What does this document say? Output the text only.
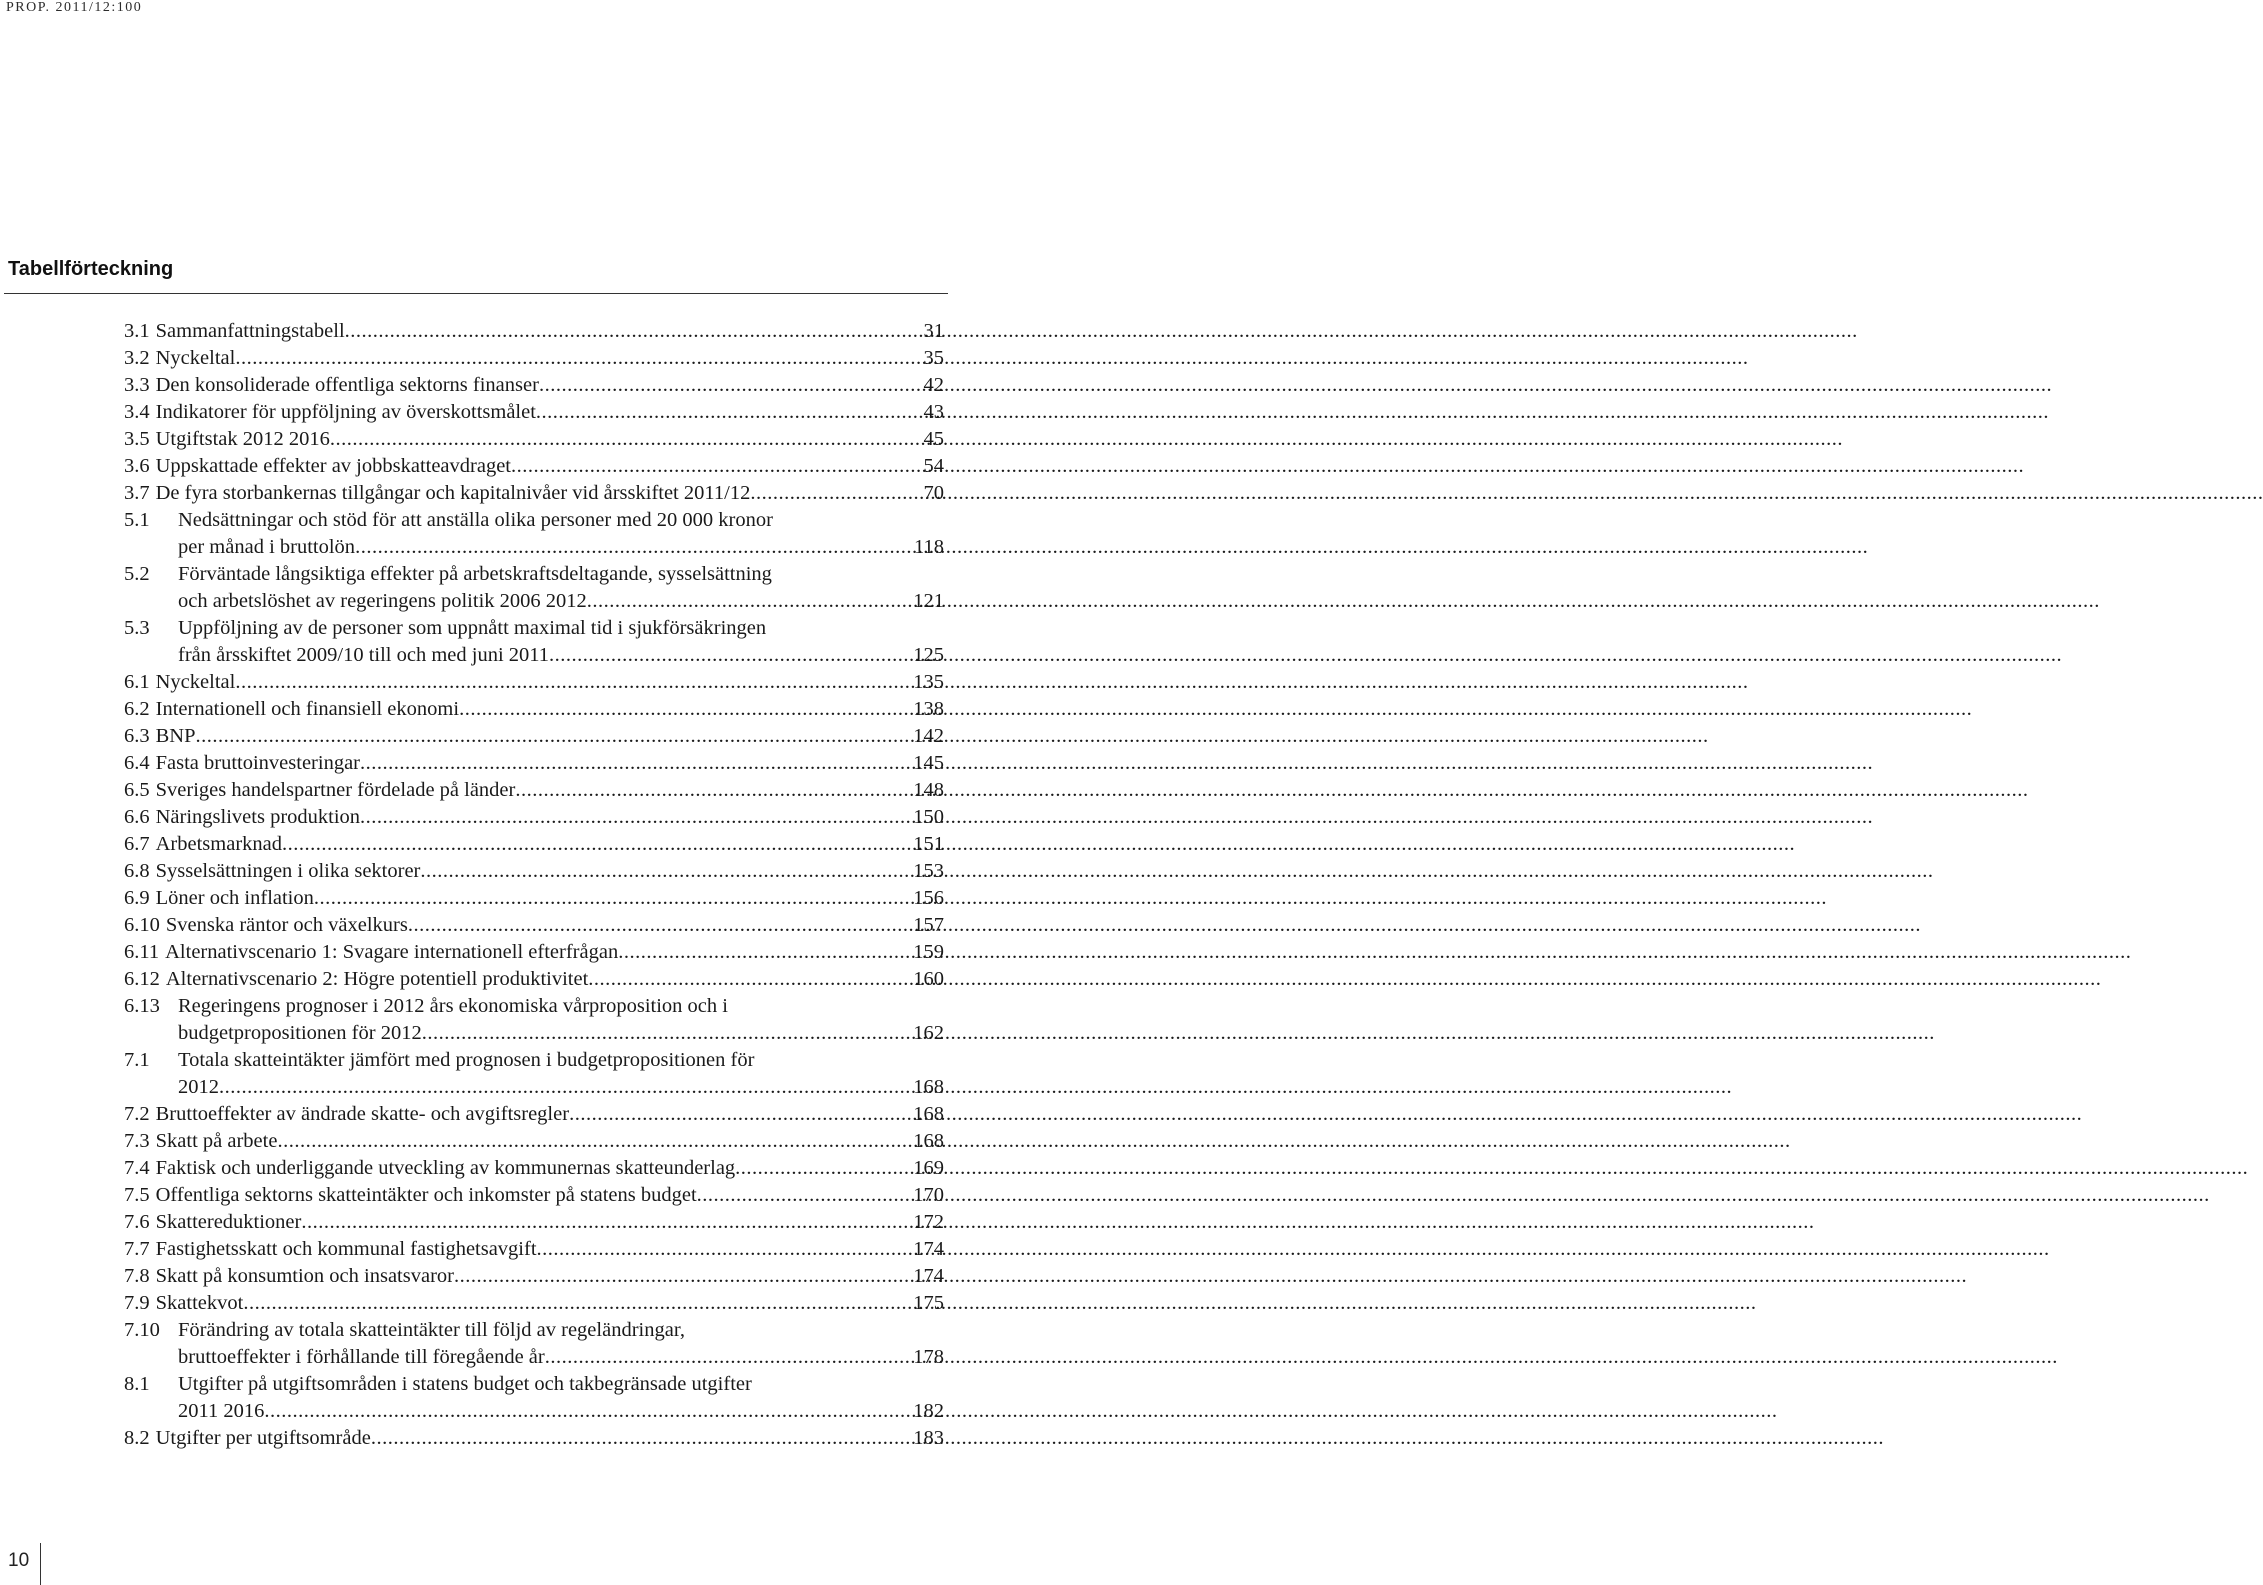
PROP. 2011/12:100
Tabellförteckning
3.1 Sammanfattningstabell .....	31
3.2 Nyckeltal .....	35
3.3 Den konsoliderade offentliga sektorns finanser .....	42
3.4 Indikatorer för uppföljning av överskottsmålet .....	43
3.5 Utgiftstak 2012 2016 .....	45
3.6 Uppskattade effekter av jobbskatteavdraget .....	54
3.7 De fyra storbankernas tillgångar och kapitalnivåer vid årsskiftet 2011/12 .....	70
5.1	Nedsättningar och stöd för att anställa olika personer med 20 000 kronor
per månad i bruttolön .....	118
5.2	Förväntade långsiktiga effekter på arbetskraftsdeltagande, sysselsättning
och arbetslöshet av regeringens politik 2006 2012 .....	121
5.3	Uppföljning av de personer som uppnått maximal tid i sjukförsäkringen
från årsskiftet 2009/10 till och med juni 2011 .....	125
6.1 Nyckeltal .....	135
6.2 Internationell och finansiell ekonomi .....	138
6.3 BNP .....	142
6.4 Fasta bruttoinvesteringar .....	145
6.5 Sveriges handelspartner fördelade på länder .....	148
6.6 Näringslivets produktion .....	150
6.7 Arbetsmarknad .....	151
6.8 Sysselsättningen i olika sektorer .....	153
6.9 Löner och inflation .....	156
6.10 Svenska räntor och växelkurs .....	157
6.11 Alternativscenario 1: Svagare internationell efterfrågan .....	159
6.12 Alternativscenario 2: Högre potentiell produktivitet .....	160
6.13 Regeringens prognoser i 2012 års ekonomiska vårproposition och i
budgetpropositionen för 2012 .....	162
7.1	Totala skatteintäkter jämfört med prognosen i budgetpropositionen för
2012 .....	168
7.2 Bruttoeffekter av ändrade skatte- och avgiftsregler .....	168
7.3 Skatt på arbete .....	168
7.4 Faktisk och underliggande utveckling av kommunernas skatteunderlag .....	169
7.5 Offentliga sektorns skatteintäkter och inkomster på statens budget .....	170
7.6 Skattereduktioner .....	172
7.7 Fastighetsskatt och kommunal fastighetsavgift .....	174
7.8 Skatt på konsumtion och insatsvaror .....	174
7.9 Skattekvot .....	175
7.10 Förändring av totala skatteintäkter till följd av regeländringar,
bruttoeffekter i förhållande till föregående år .....	178
8.1	Utgifter på utgiftsområden i statens budget och takbegränsade utgifter
2011 2016 .....	182
8.2 Utgifter per utgiftsområde .....	183
10
